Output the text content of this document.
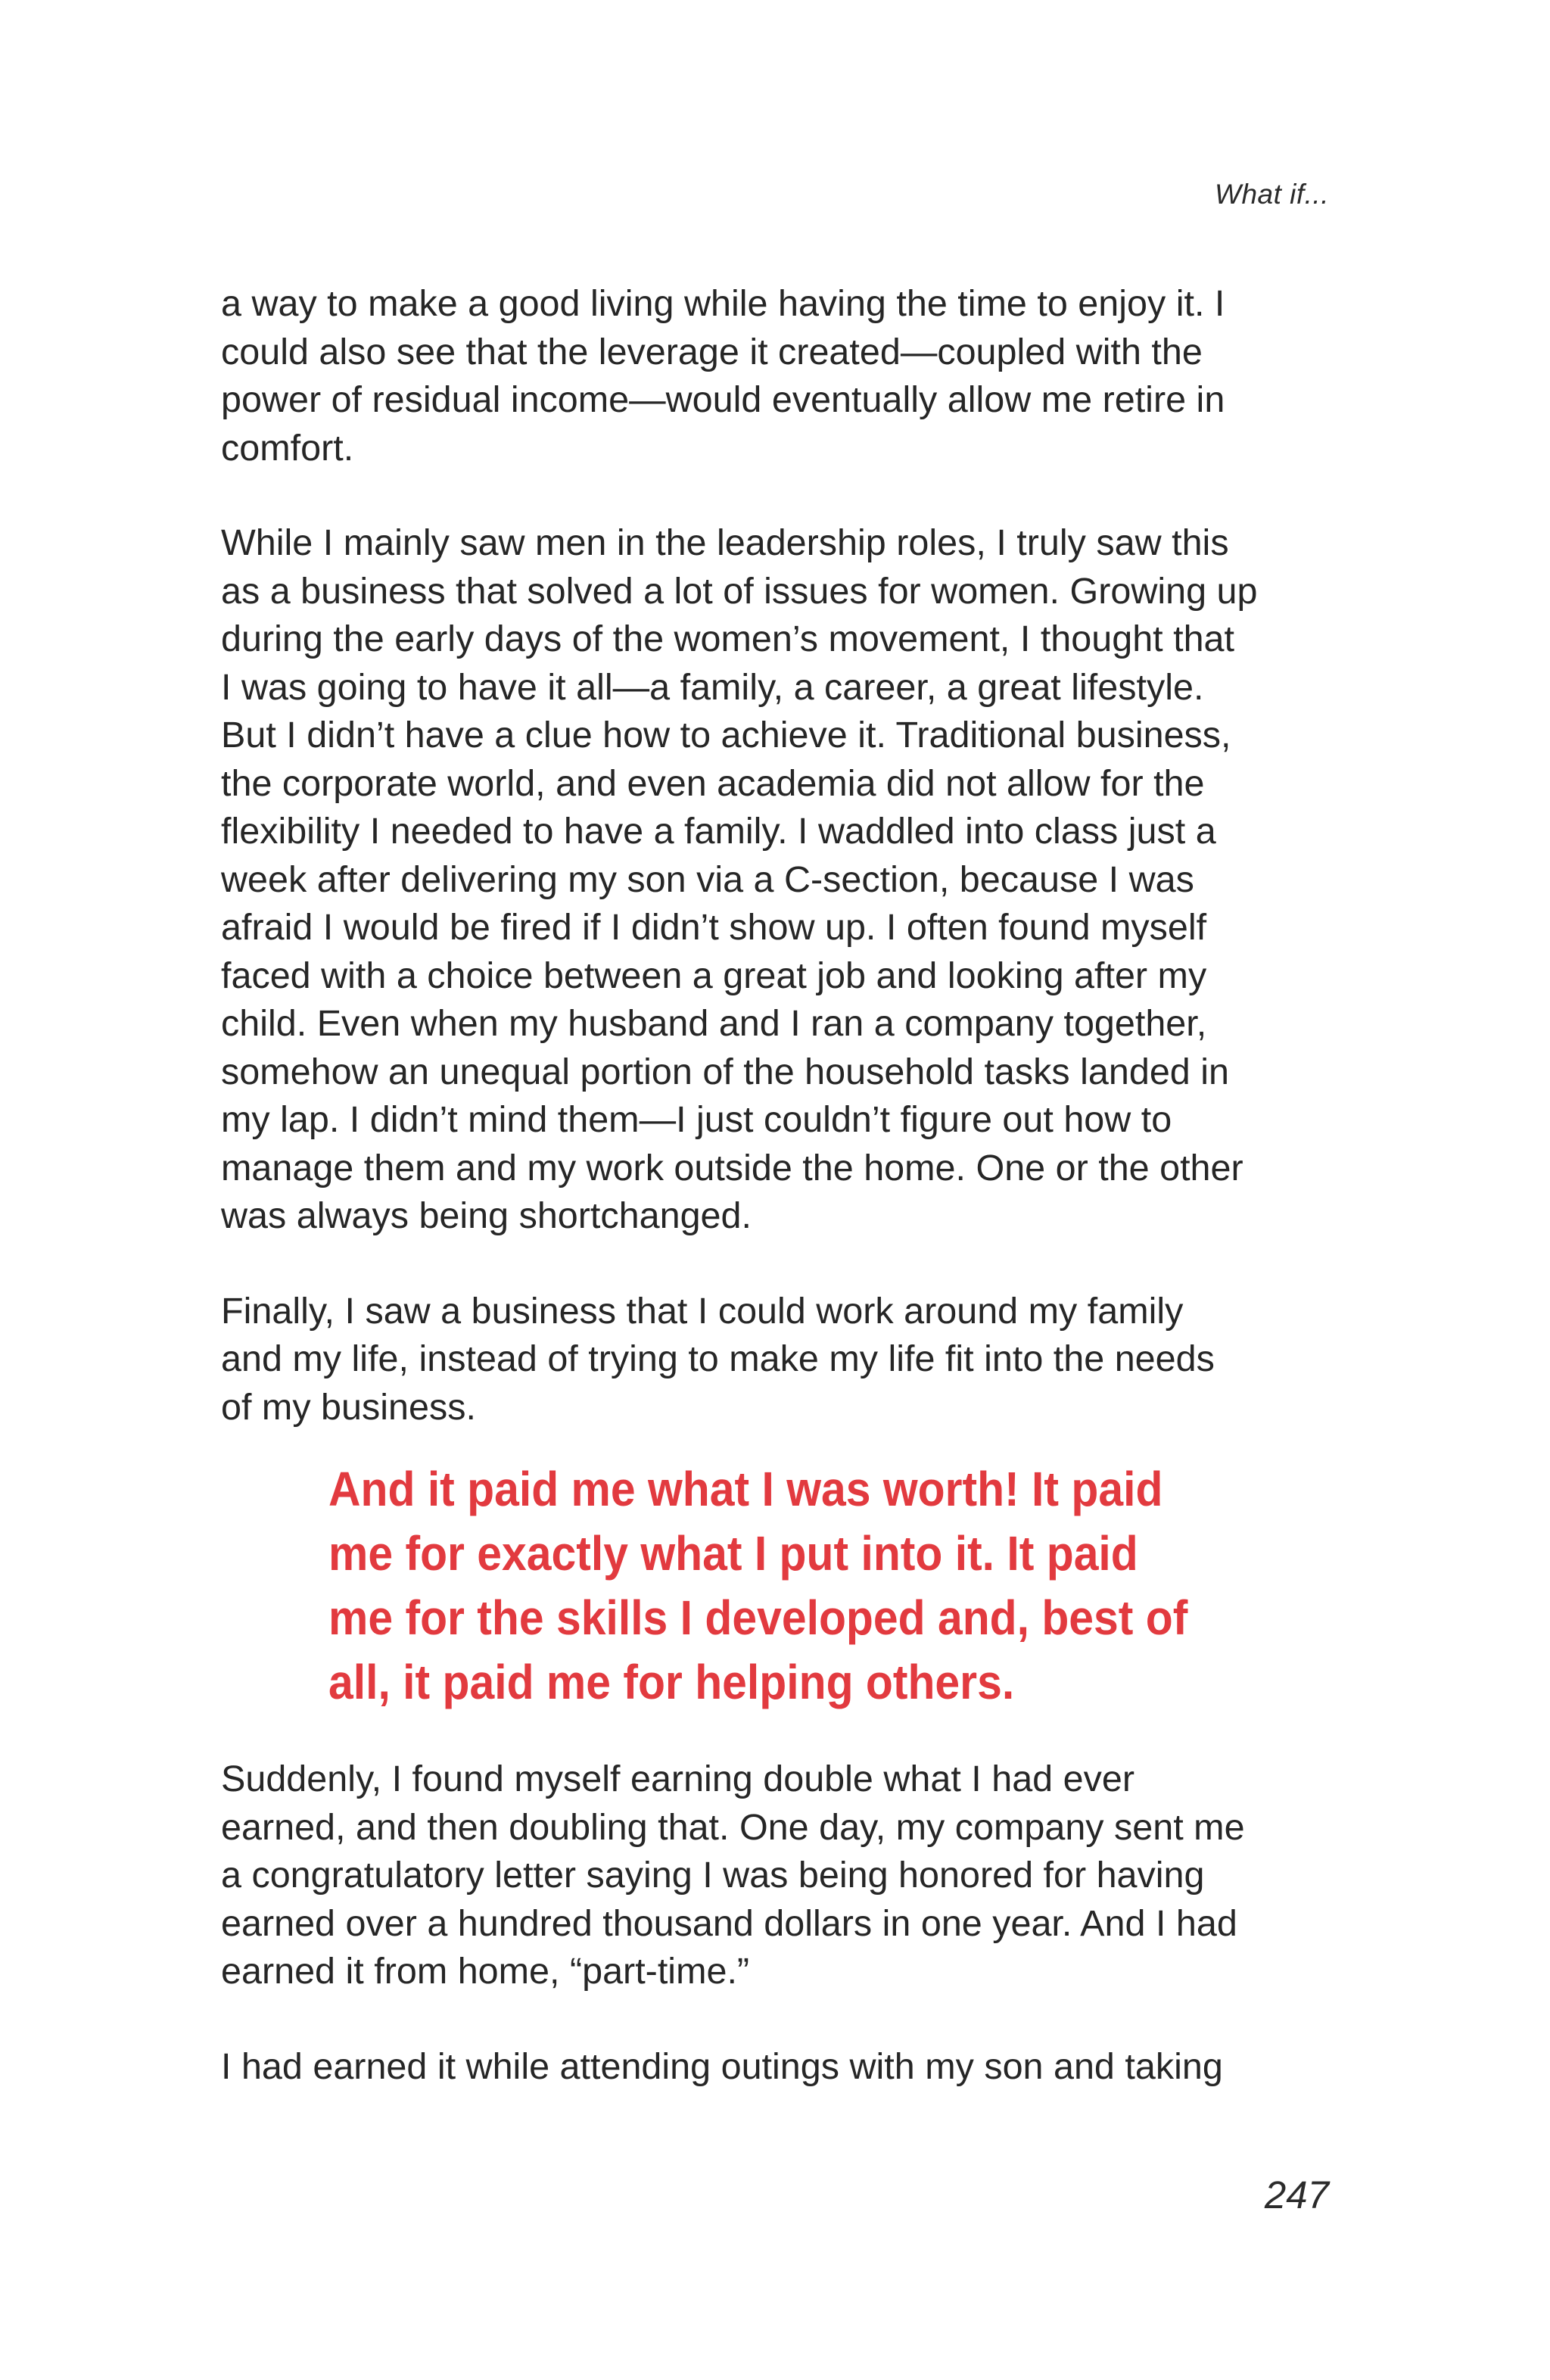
What if...

a way to make a good living while having the time to enjoy it. I
could also see that the leverage it created—coupled with the
power of residual income—would eventually allow me retire in
comfort.

While I mainly saw men in the leadership roles, I truly saw this
as a business that solved a lot of issues for women. Growing up
during the early days of the women’s movement, I thought that
I was going to have it all—a family, a career, a great lifestyle.
But I didn’t have a clue how to achieve it. Traditional business,
the corporate world, and even academia did not allow for the
flexibility I needed to have a family. I waddled into class just a
week after delivering my son via a C-section, because I was
afraid I would be fired if I didn’t show up. I often found myself
faced with a choice between a great job and looking after my
child. Even when my husband and I ran a company together,
somehow an unequal portion of the household tasks landed in
my lap. I didn’t mind them—I just couldn’t figure out how to
manage them and my work outside the home. One or the other
was always being shortchanged.

Finally, I saw a business that I could work around my family
and my life, instead of trying to make my life fit into the needs
of my business.

And it paid me what I was worth! It paid
me for exactly what I put into it. It paid
me for the skills I developed and, best of
all, it paid me for helping others.

Suddenly, I found myself earning double what I had ever
earned, and then doubling that. One day, my company sent me
a congratulatory letter saying I was being honored for having
earned over a hundred thousand dollars in one year. And I had
earned it from home, “part-time.”

I had earned it while attending outings with my son and taking

247
